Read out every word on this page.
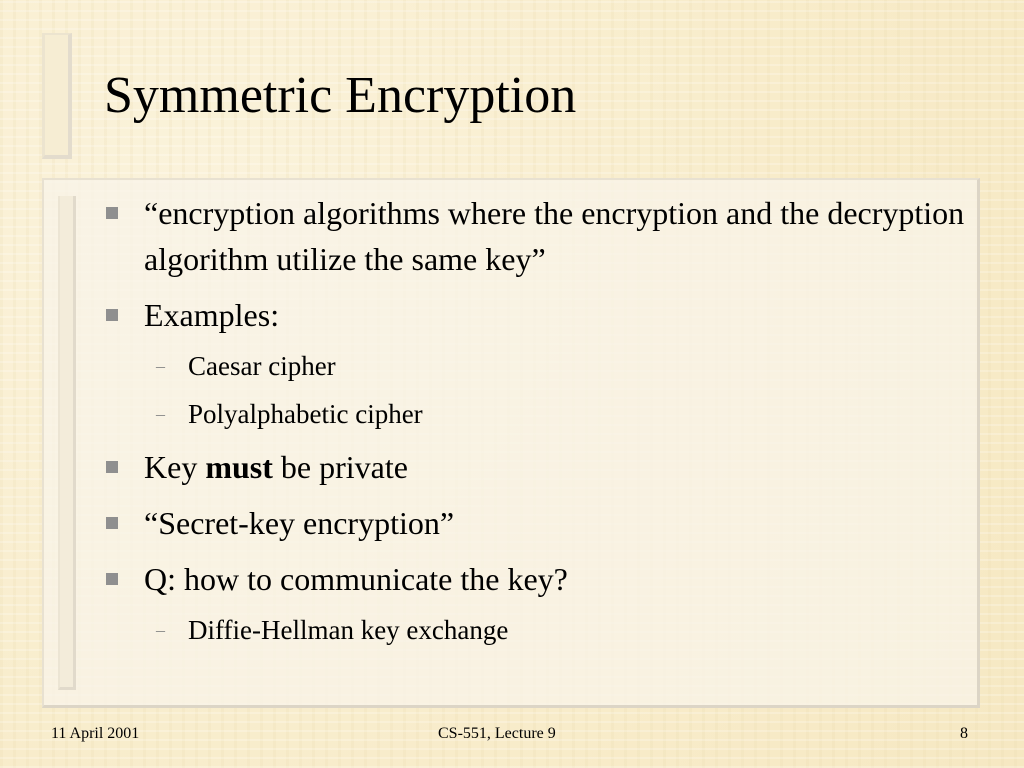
Symmetric Encryption
“encryption algorithms where the encryption and the decryption algorithm utilize the same key”
Examples:
– Caesar cipher
– Polyalphabetic cipher
Key must be private
“Secret-key encryption”
Q: how to communicate the key?
– Diffie-Hellman key exchange
11 April 2001	CS-551, Lecture 9	8
